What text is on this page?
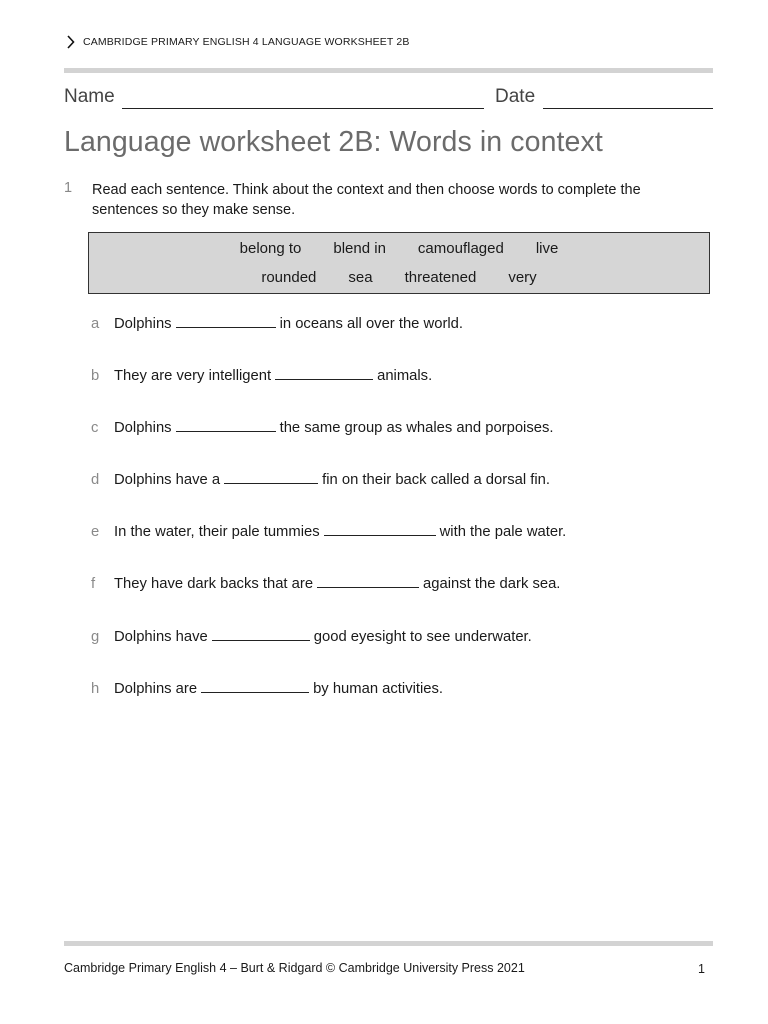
CAMBRIDGE PRIMARY ENGLISH 4 LANGUAGE WORKSHEET 2B
Name	Date
Language worksheet 2B: Words in context
1 Read each sentence. Think about the context and then choose words to complete the sentences so they make sense.
belong to blend in camouflaged live
rounded sea threatened very
a Dolphins	in oceans all over the world.
b They are very intelligent	animals.
c	Dolphins	the same group as whales and porpoises.
d Dolphins have a	fin on their back called a dorsal fin.
e In the water, their pale tummies	with the pale water.
f	They have dark backs that are	against the dark sea.
g Dolphins have	good eyesight to see underwater.
h Dolphins are	by human activities.
Cambridge Primary English 4 – Burt & Ridgard © Cambridge University Press 2021	1
